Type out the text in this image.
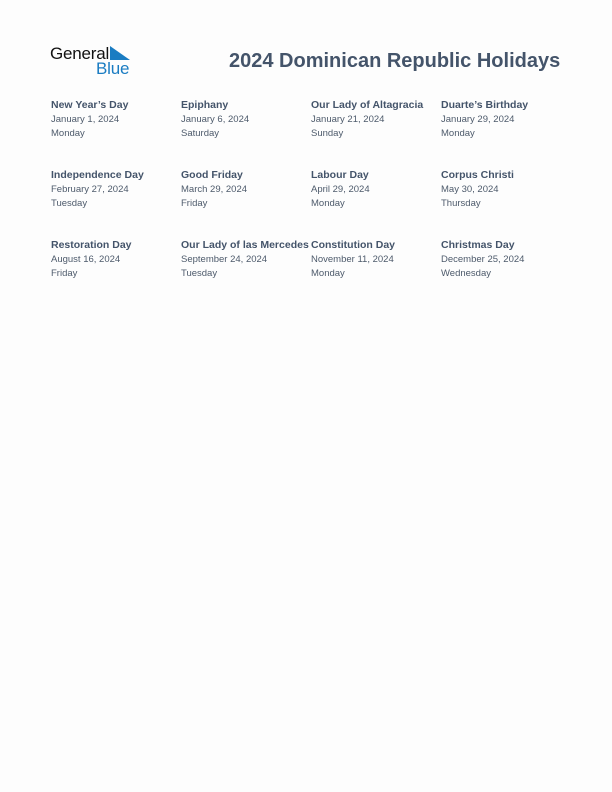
General
Blue	2024 Dominican Republic Holidays
New Year’s Day
January 1, 2024
Monday
Epiphany
January 6, 2024
Saturday
Our Lady of Altagracia
January 21, 2024
Sunday
Duarte’s Birthday
January 29, 2024
Monday
Independence Day
February 27, 2024
Tuesday
Good Friday
March 29, 2024
Friday
Labour Day
April 29, 2024
Monday
Corpus Christi
May 30, 2024
Thursday
Restoration Day
August 16, 2024
Friday
Our Lady of las Mercedes
September 24, 2024
Tuesday
Constitution Day
November 11, 2024
Monday
Christmas Day
December 25, 2024
Wednesday
